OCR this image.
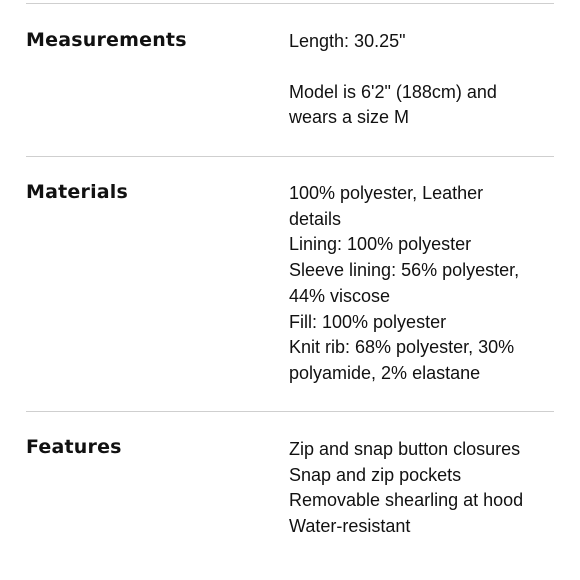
Measurements	Length: 30.25"
Model is 6'2" (188cm) and
wears a size M
Materials	100% polyester, Leather
details
Lining: 100% polyester
Sleeve lining: 56% polyester,
44% viscose
Fill: 100% polyester
Knit rib: 68% polyester, 30%
polyamide, 2% elastane
Features	Zip and snap button closures
Snap and zip pockets
Removable shearling at hood
Water-resistant
